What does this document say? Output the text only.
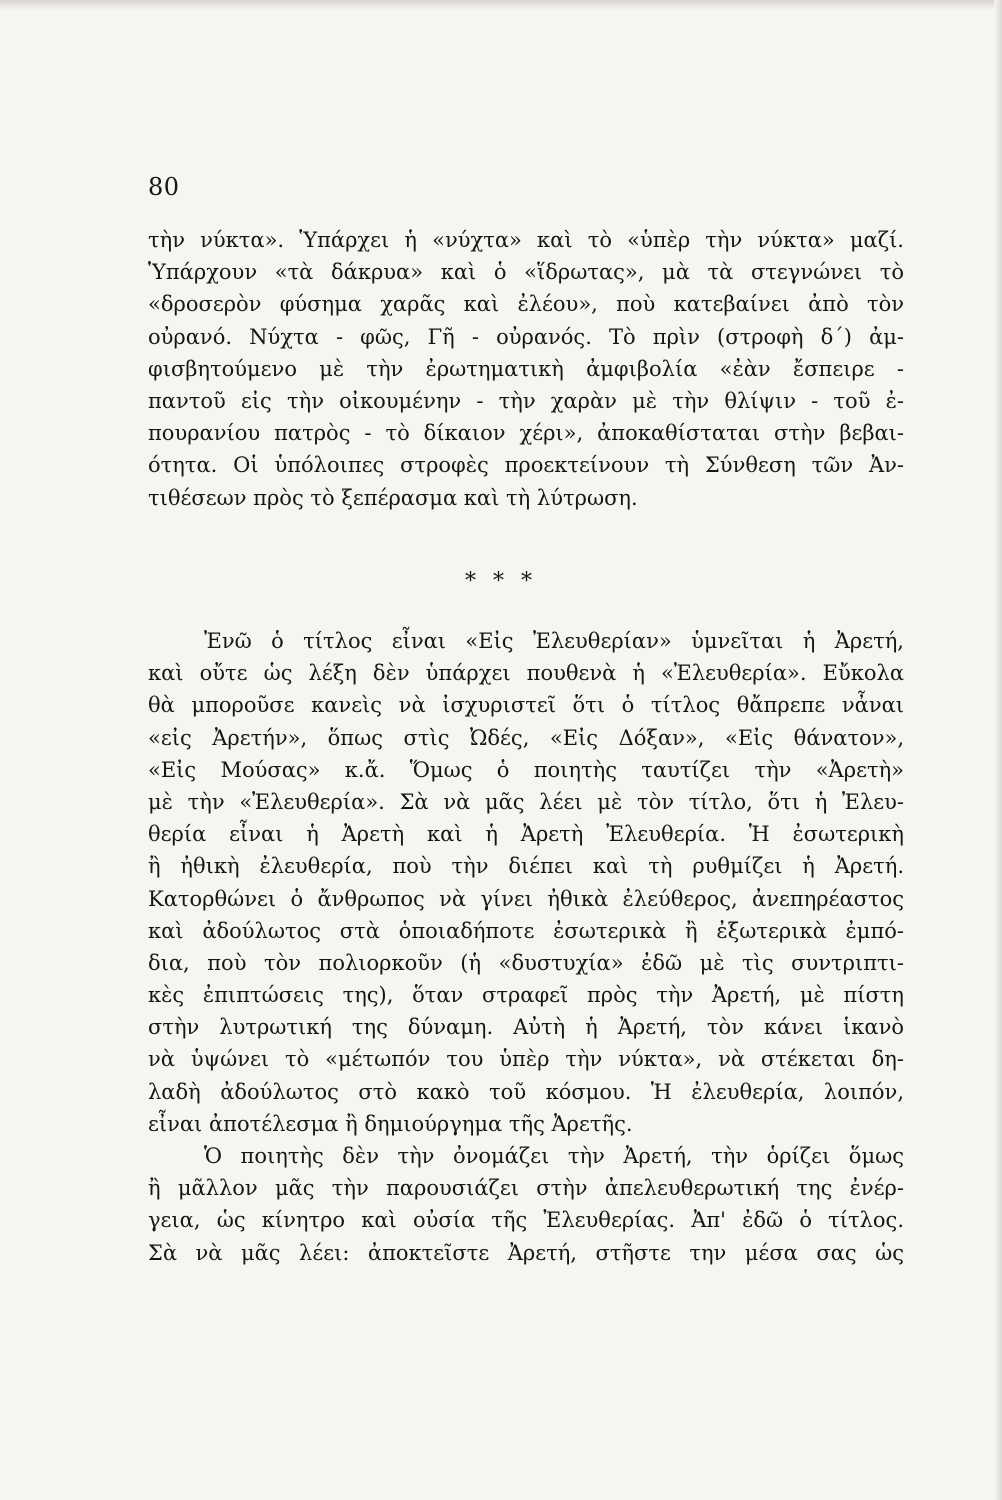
80
τὴν νύκτα». Ὑπάρχει ἡ «νύχτα» καὶ τὸ «ὑπὲρ τὴν νύκτα» μαζί.
Ὑπάρχουν «τὰ δάκρυα» καὶ ὁ «ἵδρωτας», μὰ τὰ στεγνώνει τὸ
«δροσερὸν φύσημα χαρᾶς καὶ ἐλέου», ποὺ κατεβαίνει ἀπὸ τὸν
οὐρανό. Νύχτα - φῶς, Γῆ - οὐρανός. Τὸ πρὶν (στροφὴ δ΄) ἀμ-
φισβητούμενο μὲ τὴν ἐρωτηματικὴ ἀμφιβολία «ἐὰν ἔσπειρε -
παντοῦ εἰς τὴν οἰκουμένην - τὴν χαρὰν μὲ τὴν θλίψιν - τοῦ ἐ-
πουρανίου πατρὸς - τὸ δίκαιον χέρι», ἀποκαθίσταται στὴν βεβαι-
ότητα. Οἱ ὑπόλοιπες στροφὲς προεκτείνουν τὴ Σύνθεση τῶν Ἀν-
τιθέσεων πρὸς τὸ ξεπέρασμα καὶ τὴ λύτρωση.
* * *
Ἐνῶ ὁ τίτλος εἶναι «Εἰς Ἐλευθερίαν» ὑμνεῖται ἡ Ἀρετή,
καὶ οὔτε ὡς λέξη δὲν ὑπάρχει πουθενὰ ἡ «Ἐλευθερία». Εὔκολα
θὰ μποροῦσε κανεὶς νὰ ἰσχυριστεῖ ὅτι ὁ τίτλος θἄπρεπε νἆναι
«εἰς Ἀρετήν», ὅπως στὶς Ὠδές, «Εἰς Δόξαν», «Εἰς θάνατον»,
«Εἰς Μούσας» κ.ἄ. Ὅμως ὁ ποιητὴς ταυτίζει τὴν «Ἀρετὴ»
μὲ τὴν «Ἐλευθερία». Σὰ νὰ μᾶς λέει μὲ τὸν τίτλο, ὅτι ἡ Ἐλευ-
θερία εἶναι ἡ Ἀρετὴ καὶ ἡ Ἀρετὴ Ἐλευθερία. Ἡ ἐσωτερικὴ
ἢ ἠθικὴ ἐλευθερία, ποὺ τὴν διέπει καὶ τὴ ρυθμίζει ἡ Ἀρετή.
Κατορθώνει ὁ ἄνθρωπος νὰ γίνει ἠθικὰ ἐλεύθερος, ἀνεπηρέαστος
καὶ ἀδούλωτος στὰ ὁποιαδήποτε ἐσωτερικὰ ἢ ἐξωτερικὰ ἐμπό-
δια, ποὺ τὸν πολιορκοῦν (ἡ «δυστυχία» ἐδῶ μὲ τὶς συντριπτι-
κὲς ἐπιπτώσεις της), ὅταν στραφεῖ πρὸς τὴν Ἀρετή, μὲ πίστη
στὴν λυτρωτική της δύναμη. Αὐτὴ ἡ Ἀρετή, τὸν κάνει ἱκανὸ
νὰ ὑψώνει τὸ «μέτωπόν του ὑπὲρ τὴν νύκτα», νὰ στέκεται δη-
λαδὴ ἀδούλωτος στὸ κακὸ τοῦ κόσμου. Ἡ ἐλευθερία, λοιπόν,
εἶναι ἀποτέλεσμα ἢ δημιούργημα τῆς Ἀρετῆς.
Ὁ ποιητὴς δὲν τὴν ὀνομάζει τὴν Ἀρετή, τὴν ὁρίζει ὅμως
ἢ μᾶλλον μᾶς τὴν παρουσιάζει στὴν ἀπελευθερωτική της ἐνέρ-
γεια, ὡς κίνητρο καὶ οὐσία τῆς Ἐλευθερίας. Ἀπ' ἐδῶ ὁ τίτλος.
Σὰ νὰ μᾶς λέει: ἀποκτεῖστε Ἀρετή, στῆστε την μέσα σας ὡς
